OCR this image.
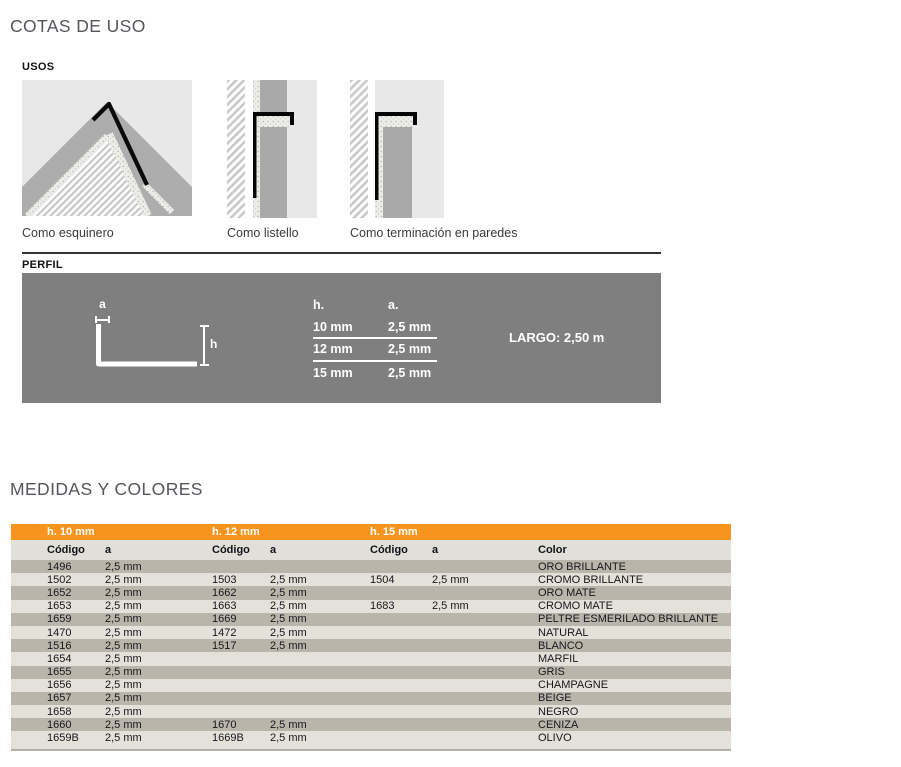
COTAS DE USO
USOS
Como esquinero	Como listello	Como terminación en paredes
PERFIL
a
h
h.	a.
10 mm	2,5 mm
12 mm	2,5 mm
15 mm	2,5 mm
LARGO: 2,50 m
MEDIDAS Y COLORES
h. 10 mm	h. 12 mm	h. 15 mm
Código	a	Código	a	Código	a	Color
1496	2,5 mm	ORO BRILLANTE
1502	2,5 mm	1503	2,5 mm	1504	2,5 mm	CROMO BRILLANTE
1652	2,5 mm	1662	2,5 mm	ORO MATE
1653	2,5 mm	1663	2,5 mm	1683	2,5 mm	CROMO MATE
1659	2,5 mm	1669	2,5 mm	PELTRE ESMERILADO BRILLANTE
1470	2,5 mm	1472	2,5 mm	NATURAL
1516	2,5 mm	1517	2,5 mm	BLANCO
1654	2,5 mm	MARFIL
1655	2,5 mm	GRIS
1656	2,5 mm	CHAMPAGNE
1657	2,5 mm	BEIGE
1658	2,5 mm	NEGRO
1660	2,5 mm	1670	2,5 mm	CENIZA
1659B	2,5 mm	1669B	2,5 mm	OLIVO
